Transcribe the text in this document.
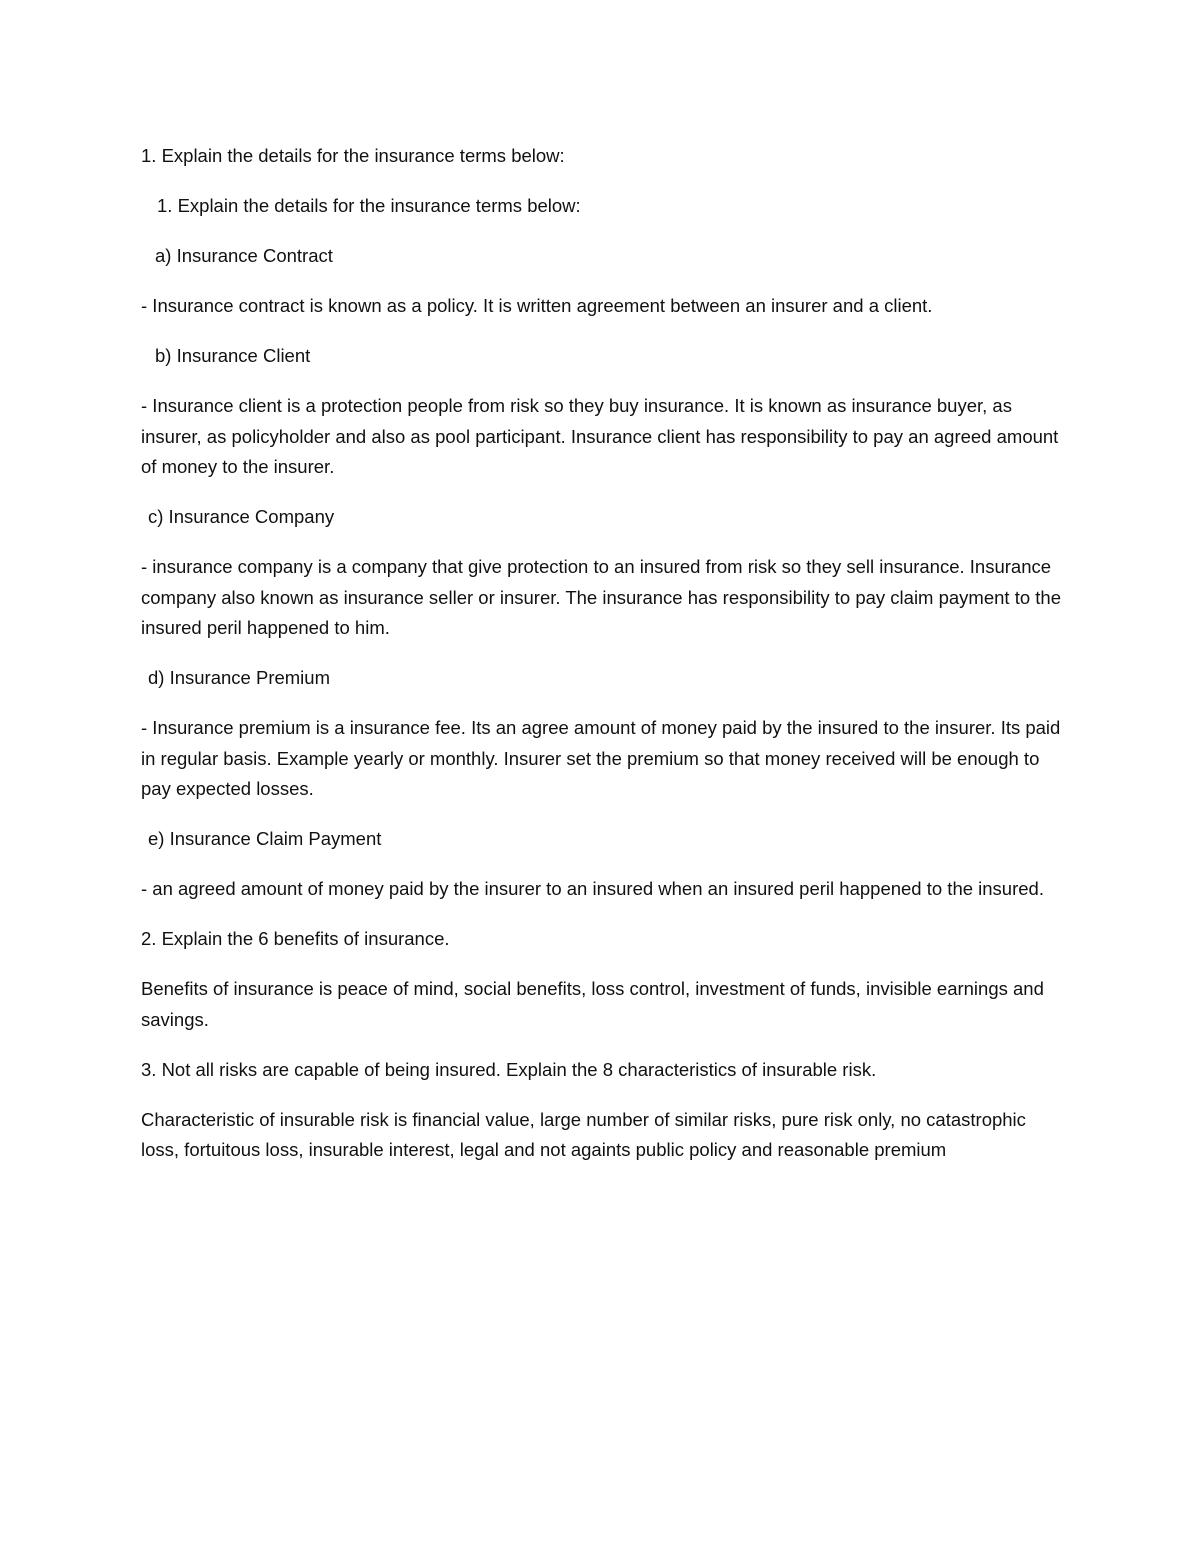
1. Explain the details for the insurance terms below:

1. Explain the details for the insurance terms below:

a) Insurance Contract

- Insurance contract is known as a policy. It is written agreement between an insurer and a client.

b) Insurance Client

- Insurance client is a protection people from risk so they buy insurance. It is known as insurance buyer, as insurer, as policyholder and also as pool participant. Insurance client has responsibility to pay an agreed amount of money to the insurer.

c) Insurance Company

- insurance company is a company that give protection to an insured from risk so they sell insurance. Insurance company also known as insurance seller or insurer. The insurance has responsibility to pay claim payment to the insured peril happened to him.

d) Insurance Premium

- Insurance premium is a insurance fee. Its an agree amount of money paid by the insured to the insurer. Its paid in regular basis. Example yearly or monthly. Insurer set the premium so that money received will be enough to pay expected losses.

e) Insurance Claim Payment

- an agreed amount of money paid by the insurer to an insured when an insured peril happened to the insured.

2. Explain the 6 benefits of insurance.

Benefits of insurance is peace of mind, social benefits, loss control, investment of funds, invisible earnings and savings.

3. Not all risks are capable of being insured. Explain the 8 characteristics of insurable risk.

Characteristic of insurable risk is financial value, large number of similar risks, pure risk only, no catastrophic loss, fortuitous loss, insurable interest, legal and not againts public policy and reasonable premium
